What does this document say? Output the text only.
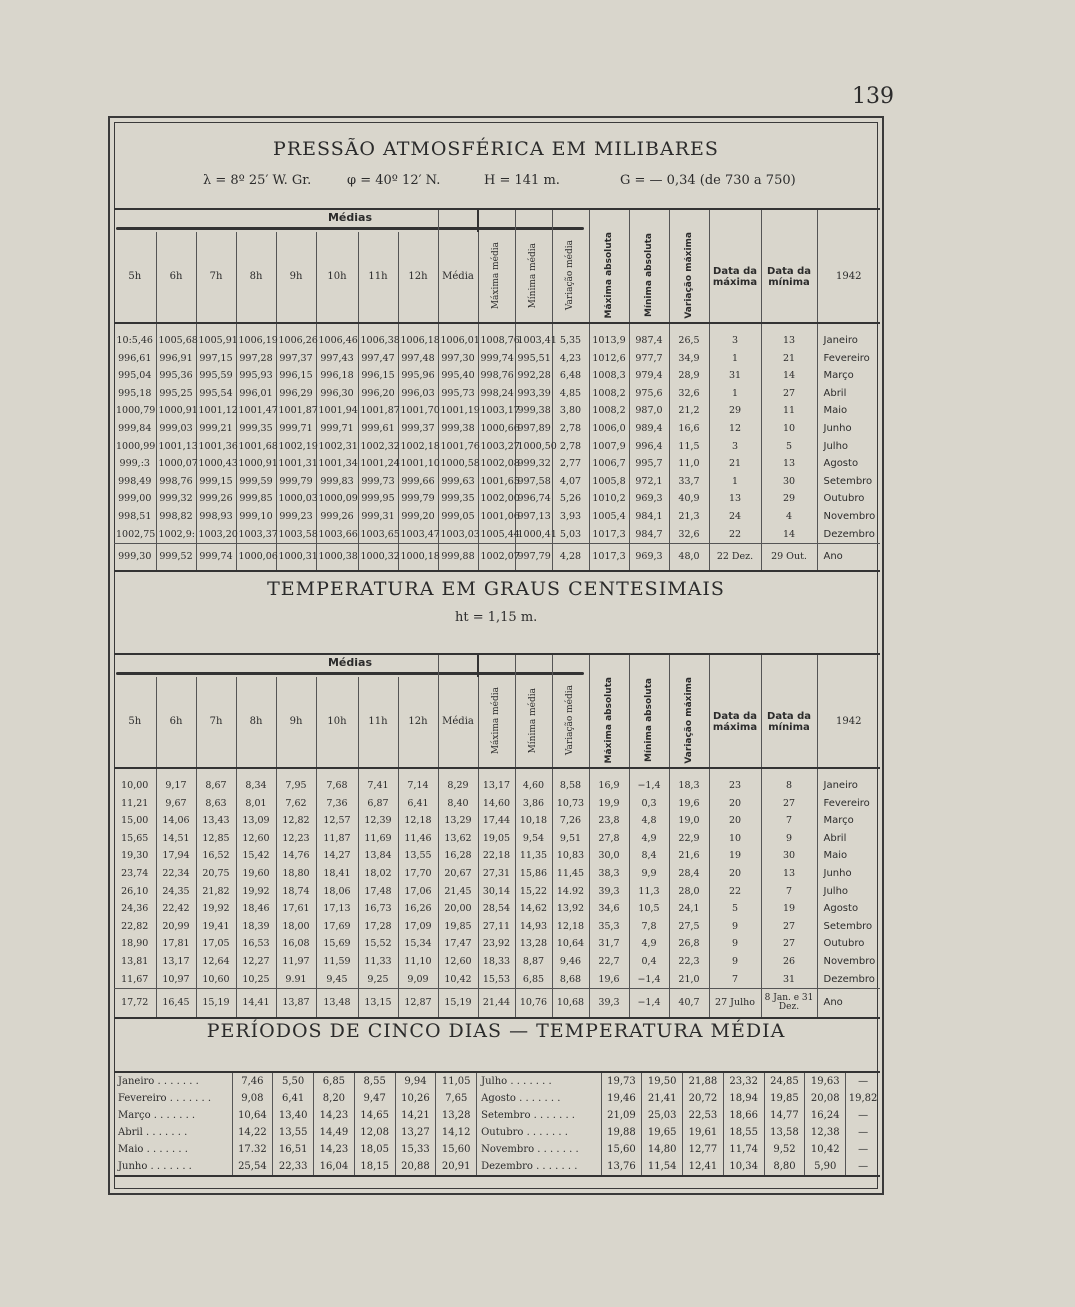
139
PRESSÃO ATMOSFÉRICA EM MILIBARES
λ = 8º 25′ W. Gr.	φ = 40º 12′ N.	H = 141 m.	G = — 0,34 (de 730 a 750)
Médias

5h	6h	7h	8h	9h	10h	11h	12h	Média	Máxima média	Mínima média	Variação média	Máxima absoluta	Mínima absoluta	Variação máxima	Data da máxima	Data da mínima	1942

10:5,46	1005,68	1005,91	1006,19	1006,26	1006,46	1006,38	1006,18	1006,01	1008,76	1003,41	5,35	1013,9	987,4	26,5	3	13	Janeiro
996,61	996,91	997,15	997,28	997,37	997,43	997,47	997,48	997,30	999,74	995,51	4,23	1012,6	977,7	34,9	1	21	Fevereiro
995,04	995,36	995,59	995,93	996,15	996,18	996,15	995,96	995,40	998,76	992,28	6,48	1008,3	979,4	28,9	31	14	Março
995,18	995,25	995,54	996,01	996,29	996,30	996,20	996,03	995,73	998,24	993,39	4,85	1008,2	975,6	32,6	1	27	Abril
1000,79	1000,91	1001,12	1001,47	1001,87	1001,94	1001,87	1001,70	1001,19	1003,17	999,38	3,80	1008,2	987,0	21,2	29	11	Maio
999,84	999,03	999,21	999,35	999,71	999,71	999,61	999,37	999,38	1000,66	997,89	2,78	1006,0	989,4	16,6	12	10	Junho
1000,99	1001,13	1001,36	1001,68	1002,19	1002,31	1002,32	1002,18	1001,76	1003,27	1000,50	2,78	1007,9	996,4	11,5	3	5	Julho
999,:3	1000,07	1000,43	1000,91	1001,31	1001,34	1001,24	1001,10	1000,58	1002,08	999,32	2,77	1006,7	995,7	11,0	21	13	Agosto
998,49	998,76	999,15	999,59	999,79	999,83	999,73	999,66	999,63	1001,65	997,58	4,07	1005,8	972,1	33,7	1	30	Setembro
999,00	999,32	999,26	999,85	1000,03	1000,09	999,95	999,79	999,35	1002,00	996,74	5,26	1010,2	969,3	40,9	13	29	Outubro
998,51	998,82	998,93	999,10	999,23	999,26	999,31	999,20	999,05	1001,06	997,13	3,93	1005,4	984,1	21,3	24	4	Novembro
1002,75	1002,9:	1003,20	1003,37	1003,58	1003,66	1003,65	1003,47	1003,03	1005,44	1000,41	5,03	1017,3	984,7	32,6	22	14	Dezembro
999,30	999,52	999,74	1000,06	1000,31	1000,38	1000,32	1000,18	999,88	1002,07	997,79	4,28	1017,3	969,3	48,0	22 Dez.	29 Out.	Ano

TEMPERATURA EM GRAUS CENTESIMAIS
ht = 1,15 m.
Médias

5h	6h	7h	8h	9h	10h	11h	12h	Média	Máxima média	Mínima média	Variação média	Máxima absoluta	Mínima absoluta	Variação máxima	Data da máxima	Data da mínima	1942

10,00	9,17	8,67	8,34	7,95	7,68	7,41	7,14	8,29	13,17	4,60	8,58	16,9	−1,4	18,3	23	8	Janeiro
11,21	9,67	8,63	8,01	7,62	7,36	6,87	6,41	8,40	14,60	3,86	10,73	19,9	0,3	19,6	20	27	Fevereiro
15,00	14,06	13,43	13,09	12,82	12,57	12,39	12,18	13,29	17,44	10,18	7,26	23,8	4,8	19,0	20	7	Março
15,65	14,51	12,85	12,60	12,23	11,87	11,69	11,46	13,62	19,05	9,54	9,51	27,8	4,9	22,9	10	9	Abril
19,30	17,94	16,52	15,42	14,76	14,27	13,84	13,55	16,28	22,18	11,35	10,83	30,0	8,4	21,6	19	30	Maio
23,74	22,34	20,75	19,60	18,80	18,41	18,02	17,70	20,67	27,31	15,86	11,45	38,3	9,9	28,4	20	13	Junho
26,10	24,35	21,82	19,92	18,74	18,06	17,48	17,06	21,45	30,14	15,22	14.92	39,3	11,3	28,0	22	7	Julho
24,36	22,42	19,92	18,46	17,61	17,13	16,73	16,26	20,00	28,54	14,62	13,92	34,6	10,5	24,1	5	19	Agosto
22,82	20,99	19,41	18,39	18,00	17,69	17,28	17,09	19,85	27,11	14,93	12,18	35,3	7,8	27,5	9	27	Setembro
18,90	17,81	17,05	16,53	16,08	15,69	15,52	15,34	17,47	23,92	13,28	10,64	31,7	4,9	26,8	9	27	Outubro
13,81	13,17	12,64	12,27	11,97	11,59	11,33	11,10	12,60	18,33	8,87	9,46	22,7	0,4	22,3	9	26	Novembro
11,67	10,97	10,60	10,25	9.91	9,45	9,25	9,09	10,42	15,53	6,85	8,68	19,6	−1,4	21,0	7	31	Dezembro
17,72	16,45	15,19	14,41	13,87	13,48	13,15	12,87	15,19	21,44	10,76	10,68	39,3	−1,4	40,7	27 Julho	8 Jan. e 31 Dez.	Ano

PERÍODOS DE CINCO DIAS — TEMPERATURA MÉDIA
Janeiro . . . . . . .	7,46	5,50	6,85	8,55	9,94	11,05	Julho . . . . . . .	19,73	19,50	21,88	23,32	24,85	19,63	—
Fevereiro . . . . . . .	9,08	6,41	8,20	9,47	10,26	7,65	Agosto . . . . . . .	19,46	21,41	20,72	18,94	19,85	20,08	19,82
Março . . . . . . .	10,64	13,40	14,23	14,65	14,21	13,28	Setembro . . . . . . .	21,09	25,03	22,53	18,66	14,77	16,24	—
Abril . . . . . . .	14,22	13,55	14,49	12,08	13,27	14,12	Outubro . . . . . . .	19,88	19,65	19,61	18,55	13,58	12,38	—
Maio . . . . . . .	17.32	16,51	14,23	18,05	15,33	15,60	Novembro . . . . . . .	15,60	14,80	12,77	11,74	9,52	10,42	—
Junho . . . . . . .	25,54	22,33	16,04	18,15	20,88	20,91	Dezembro . . . . . . .	13,76	11,54	12,41	10,34	8,80	5,90	—
